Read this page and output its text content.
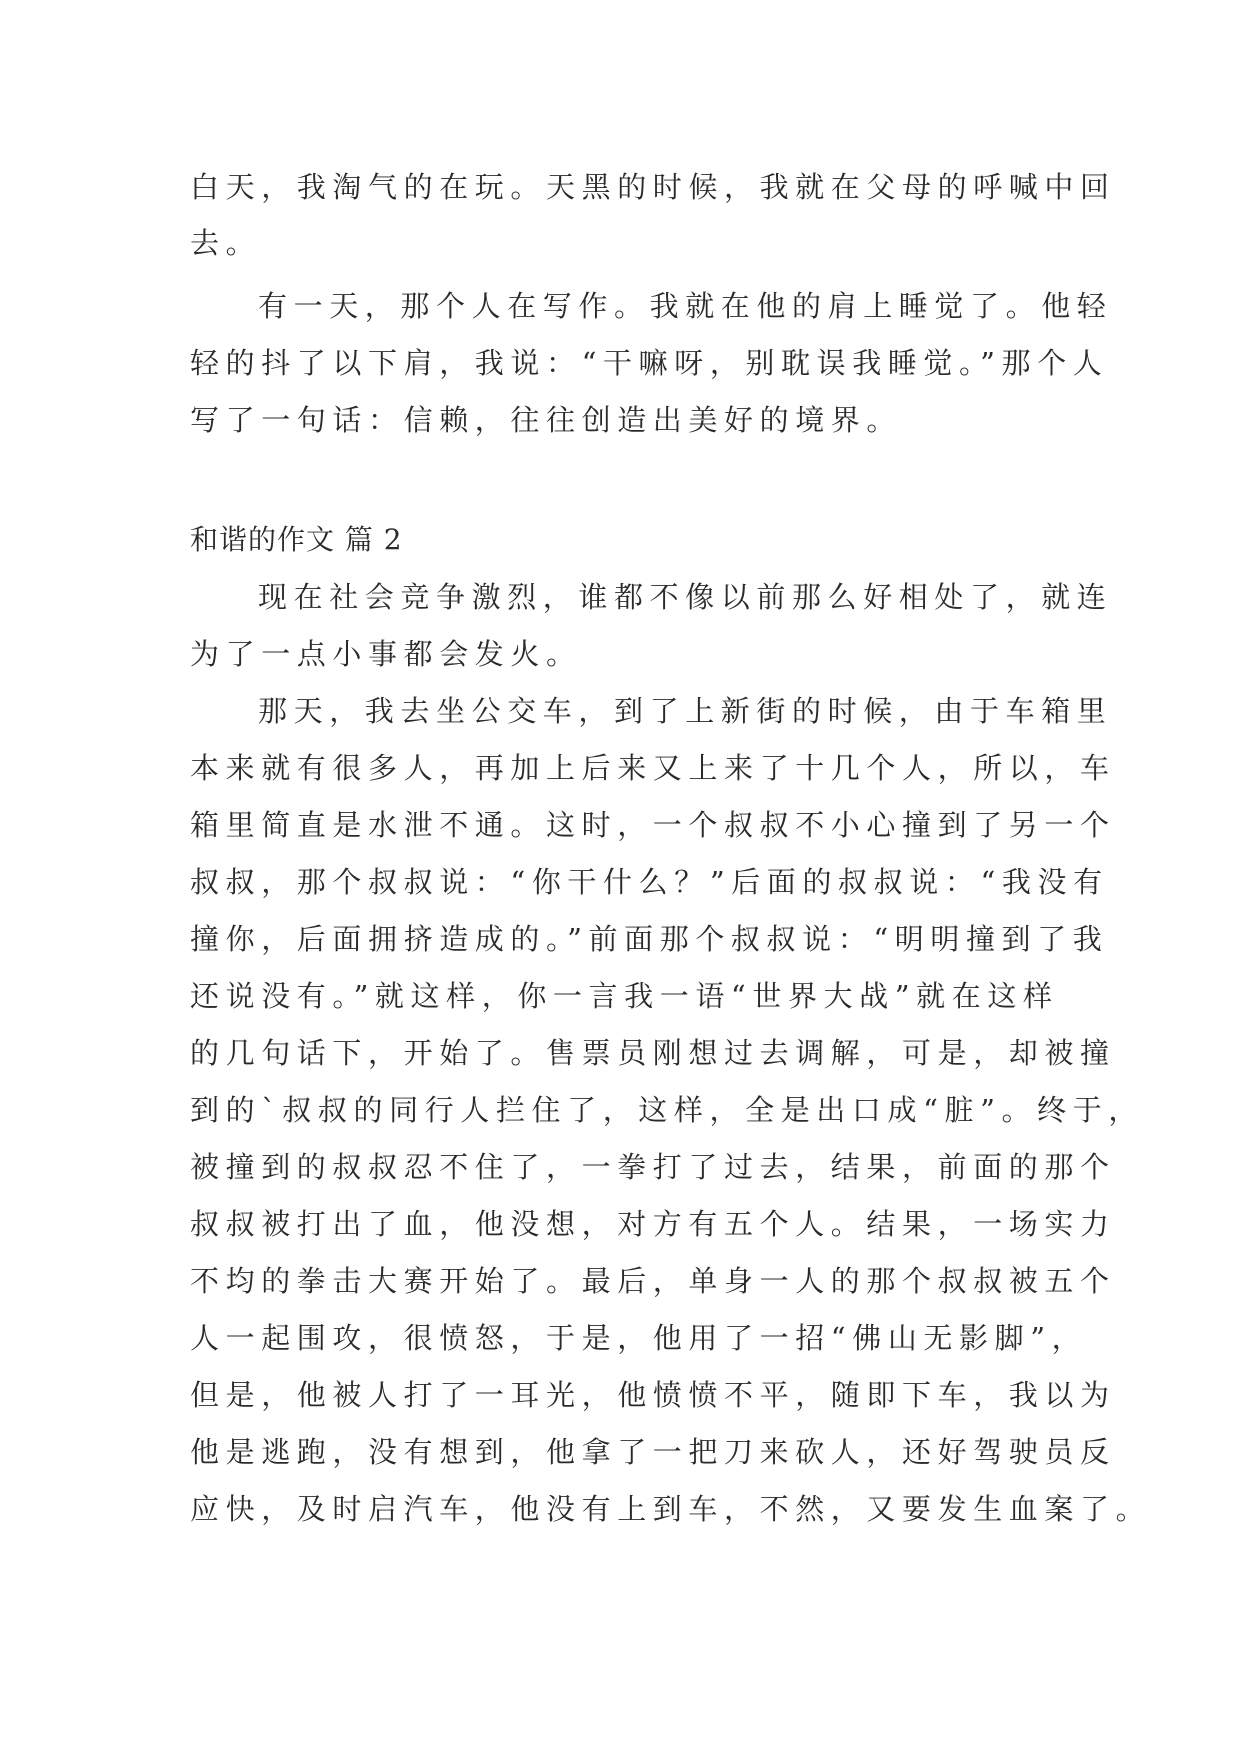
白天，我淘气的在玩。天黑的时候，我就在父母的呼喊中回
去。
有一天，那个人在写作。我就在他的肩上睡觉了。他轻
轻的抖了以下肩，我说：“干嘛呀，别耽误我睡觉。”那个人
写了一句话：信赖，往往创造出美好的境界。
和谐的作文 篇 2
现在社会竞争激烈，谁都不像以前那么好相处了，就连
为了一点小事都会发火。
那天，我去坐公交车，到了上新街的时候，由于车箱里
本来就有很多人，再加上后来又上来了十几个人，所以，车
箱里简直是水泄不通。这时，一个叔叔不小心撞到了另一个
叔叔，那个叔叔说：“你干什么？”后面的叔叔说：“我没有
撞你，后面拥挤造成的。”前面那个叔叔说：“明明撞到了我
还说没有。”就这样，你一言我一语“世界大战”就在这样
的几句话下，开始了。售票员刚想过去调解，可是，却被撞
到的`叔叔的同行人拦住了，这样，全是出口成“脏”。终于，
被撞到的叔叔忍不住了，一拳打了过去，结果，前面的那个
叔叔被打出了血，他没想，对方有五个人。结果，一场实力
不均的拳击大赛开始了。最后，单身一人的那个叔叔被五个
人一起围攻，很愤怒，于是，他用了一招“佛山无影脚”，
但是，他被人打了一耳光，他愤愤不平，随即下车，我以为
他是逃跑，没有想到，他拿了一把刀来砍人，还好驾驶员反
应快，及时启汽车，他没有上到车，不然，又要发生血案了。
